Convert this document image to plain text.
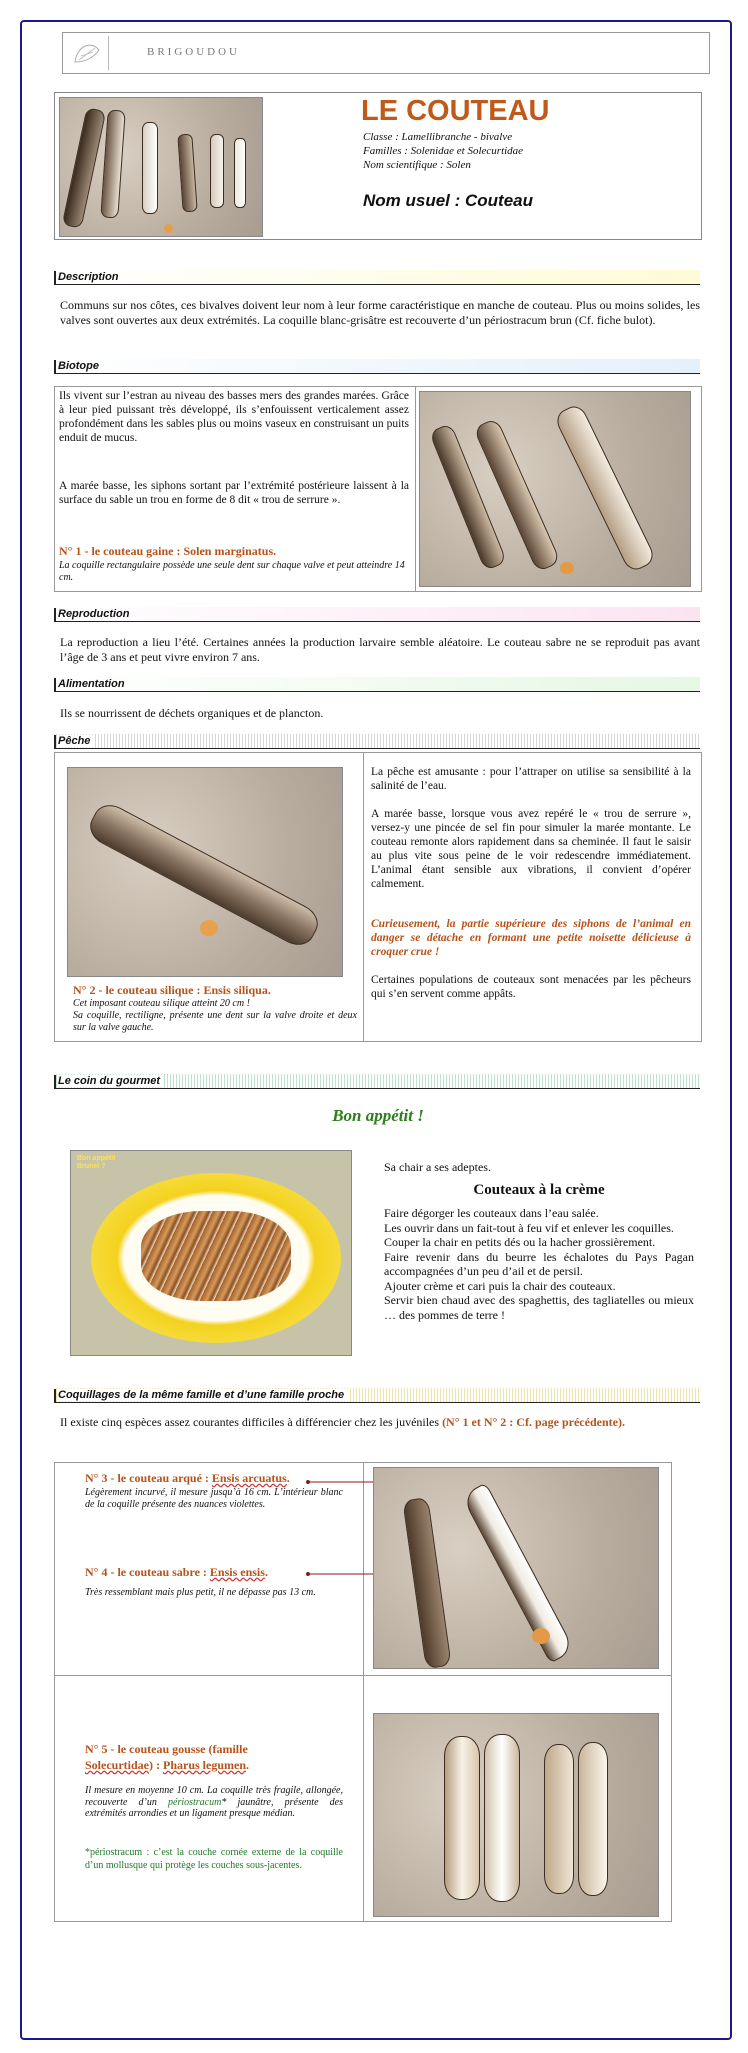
BRIGOUDOU
LE COUTEAU
Classe : Lamellibranche - bivalve
Familles : Solenidae et Solecurtidae
Nom scientifique : Solen
Nom usuel : Couteau
Description
Communs sur nos côtes, ces bivalves doivent leur nom à leur forme caractéristique en manche de couteau. Plus ou moins solides, les valves sont ouvertes aux deux extrémités. La coquille blanc-grisâtre est recouverte d’un périostracum brun (Cf. fiche bulot).
Biotope
Ils vivent sur l’estran au niveau des basses mers des grandes marées. Grâce à leur pied puissant très développé, ils s’enfouissent verticalement assez profondément dans les sables plus ou moins vaseux en construisant un puits enduit de mucus.
A marée basse, les siphons sortant par l’extrémité postérieure laissent à la surface du sable un trou en forme de 8 dit « trou de serrure ».
N° 1 - le couteau gaine : Solen marginatus.
La coquille rectangulaire possède une seule dent sur chaque valve et peut atteindre 14 cm.
Reproduction
La reproduction a lieu l’été. Certaines années la production larvaire semble aléatoire. Le couteau sabre ne se reproduit pas avant l’âge de 3 ans et peut vivre environ 7 ans.
Alimentation
Ils se nourrissent de déchets organiques et de plancton.
Pêche
N° 2 - le couteau silique : Ensis siliqua.
Cet imposant couteau silique atteint 20 cm !
Sa coquille, rectiligne, présente une dent sur la valve droite et deux sur la valve gauche.
La pêche est amusante : pour l’attraper on utilise sa sensibilité à la salinité de l’eau.
A marée basse, lorsque vous avez repéré le « trou de serrure », versez-y une pincée de sel fin pour simuler la marée montante. Le couteau remonte alors rapidement dans sa cheminée. Il faut le saisir au plus vite sous peine de le voir redescendre immédiatement. L’animal étant sensible aux vibrations, il convient d’opérer calmement.
Curieusement, la partie supérieure des siphons de l’animal en danger se détache en formant une petite noisette délicieuse à croquer crue !
Certaines populations de couteaux sont menacées par les pêcheurs qui s’en servent comme appâts.
Le coin du gourmet
Bon appétit !
Bon appétit Brunel ?	Sa chair a ses adeptes.
Couteaux à la crème
Faire dégorger les couteaux dans l’eau salée.
Les ouvrir dans un fait-tout à feu vif et enlever les coquilles.
Couper la chair en petits dés ou la hacher grossièrement.
Faire revenir dans du beurre les échalotes du Pays Pagan accompagnées d’un peu d’ail et de persil.
Ajouter crème et cari puis la chair des couteaux.
Servir bien chaud avec des spaghettis, des tagliatelles ou mieux … des pommes de terre !
Coquillages de la même famille et d’une famille proche
Il existe cinq espèces assez courantes difficiles à différencier chez les juvéniles (N° 1 et N° 2 : Cf. page précédente).
N° 3 - le couteau arqué : Ensis arcuatus.
Légèrement incurvé, il mesure jusqu’à 16 cm. L’intérieur blanc de la coquille présente des nuances violettes.
N° 4 - le couteau sabre : Ensis ensis.
Très ressemblant mais plus petit, il ne dépasse pas 13 cm.
N° 5 - le couteau gousse (famille Solecurtidae) : Pharus legumen.
Il mesure en moyenne 10 cm. La coquille très fragile, allongée, recouverte d’un périostracum* jaunâtre, présente des extrémités arrondies et un ligament presque médian.
*périostracum : c’est la couche cornée externe de la coquille d’un mollusque qui protège les couches sous-jacentes.
